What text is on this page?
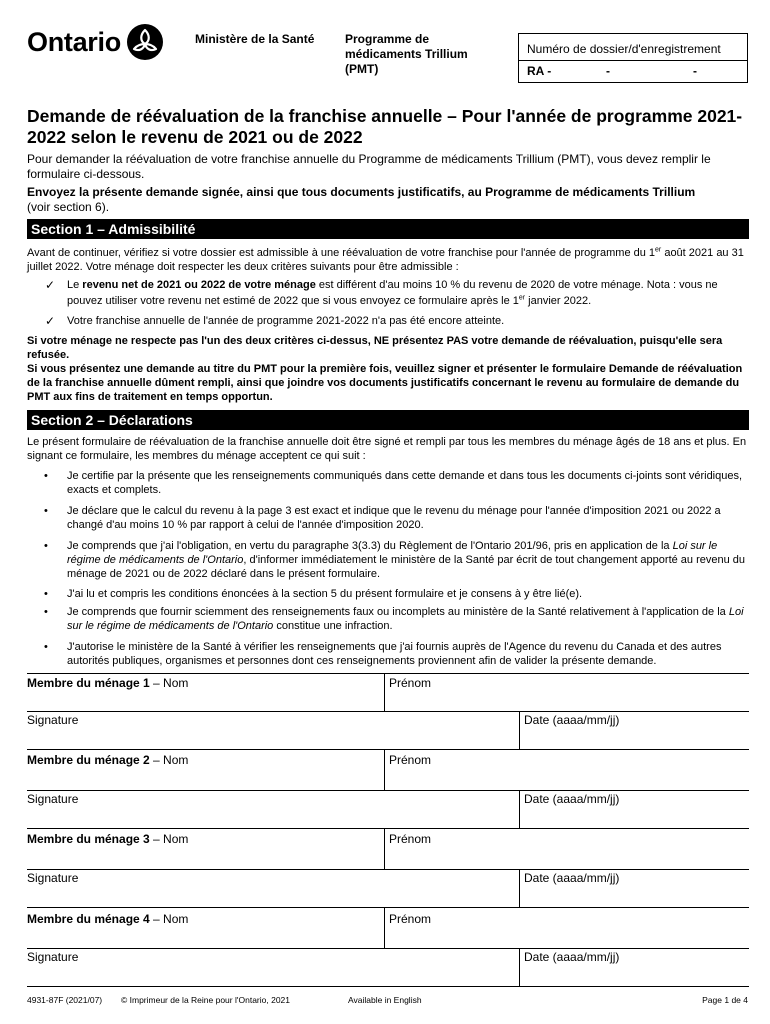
Ontario	Ministère de la Santé	Programme de médicaments Trillium (PMT)
Numéro de dossier/d'enregistrement
RA -	-	-
Demande de réévaluation de la franchise annuelle – Pour l'année de programme 2021-2022 selon le revenu de 2021 ou de 2022
Pour demander la réévaluation de votre franchise annuelle du Programme de médicaments Trillium (PMT), vous devez remplir le formulaire ci-dessous.
Envoyez la présente demande signée, ainsi que tous documents justificatifs, au Programme de médicaments Trillium
(voir section 6).
Section 1 – Admissibilité
Avant de continuer, vérifiez si votre dossier est admissible à une réévaluation de votre franchise pour l'année de programme du 1er août 2021 au 31 juillet 2022. Votre ménage doit respecter les deux critères suivants pour être admissible :
✓	Le revenu net de 2021 ou 2022 de votre ménage est différent d'au moins 10 % du revenu de 2020 de votre ménage. Nota : vous ne pouvez utiliser votre revenu net estimé de 2022 que si vous envoyez ce formulaire après le 1er janvier 2022.
✓	Votre franchise annuelle de l'année de programme 2021-2022 n'a pas été encore atteinte.
Si votre ménage ne respecte pas l'un des deux critères ci-dessus, NE présentez PAS votre demande de réévaluation, puisqu'elle sera refusée.
Si vous présentez une demande au titre du PMT pour la première fois, veuillez signer et présenter le formulaire Demande de réévaluation de la franchise annuelle dûment rempli, ainsi que joindre vos documents justificatifs concernant le revenu au formulaire de demande du PMT aux fins de traitement en temps opportun.
Section 2 – Déclarations
Le présent formulaire de réévaluation de la franchise annuelle doit être signé et rempli par tous les membres du ménage âgés de 18 ans et plus. En signant ce formulaire, les membres du ménage acceptent ce qui suit :
•	Je certifie par la présente que les renseignements communiqués dans cette demande et dans tous les documents ci-joints sont véridiques, exacts et complets.
•	Je déclare que le calcul du revenu à la page 3 est exact et indique que le revenu du ménage pour l'année d'imposition 2021 ou 2022 a changé d'au moins 10 % par rapport à celui de l'année d'imposition 2020.
•	Je comprends que j'ai l'obligation, en vertu du paragraphe 3(3.3) du Règlement de l'Ontario 201/96, pris en application de la Loi sur le régime de médicaments de l'Ontario, d'informer immédiatement le ministère de la Santé par écrit de tout changement apporté au revenu du ménage de 2021 ou de 2022 déclaré dans le présent formulaire.
•	J'ai lu et compris les conditions énoncées à la section 5 du présent formulaire et je consens à y être lié(e).
•	Je comprends que fournir sciemment des renseignements faux ou incomplets au ministère de la Santé relativement à l'application de la Loi sur le régime de médicaments de l'Ontario constitue une infraction.
•	J'autorise le ministère de la Santé à vérifier les renseignements que j'ai fournis auprès de l'Agence du revenu du Canada et des autres autorités publiques, organismes et personnes dont ces renseignements proviennent afin de valider la présente demande.
Membre du ménage 1 – Nom	Prénom
Signature	Date (aaaa/mm/jj)
Membre du ménage 2 – Nom	Prénom
Signature	Date (aaaa/mm/jj)
Membre du ménage 3 – Nom	Prénom
Signature	Date (aaaa/mm/jj)
Membre du ménage 4 – Nom	Prénom
Signature	Date (aaaa/mm/jj)
4931-87F (2021/07) © Imprimeur de la Reine pour l'Ontario, 2021	Available in English	Page 1 de 4
